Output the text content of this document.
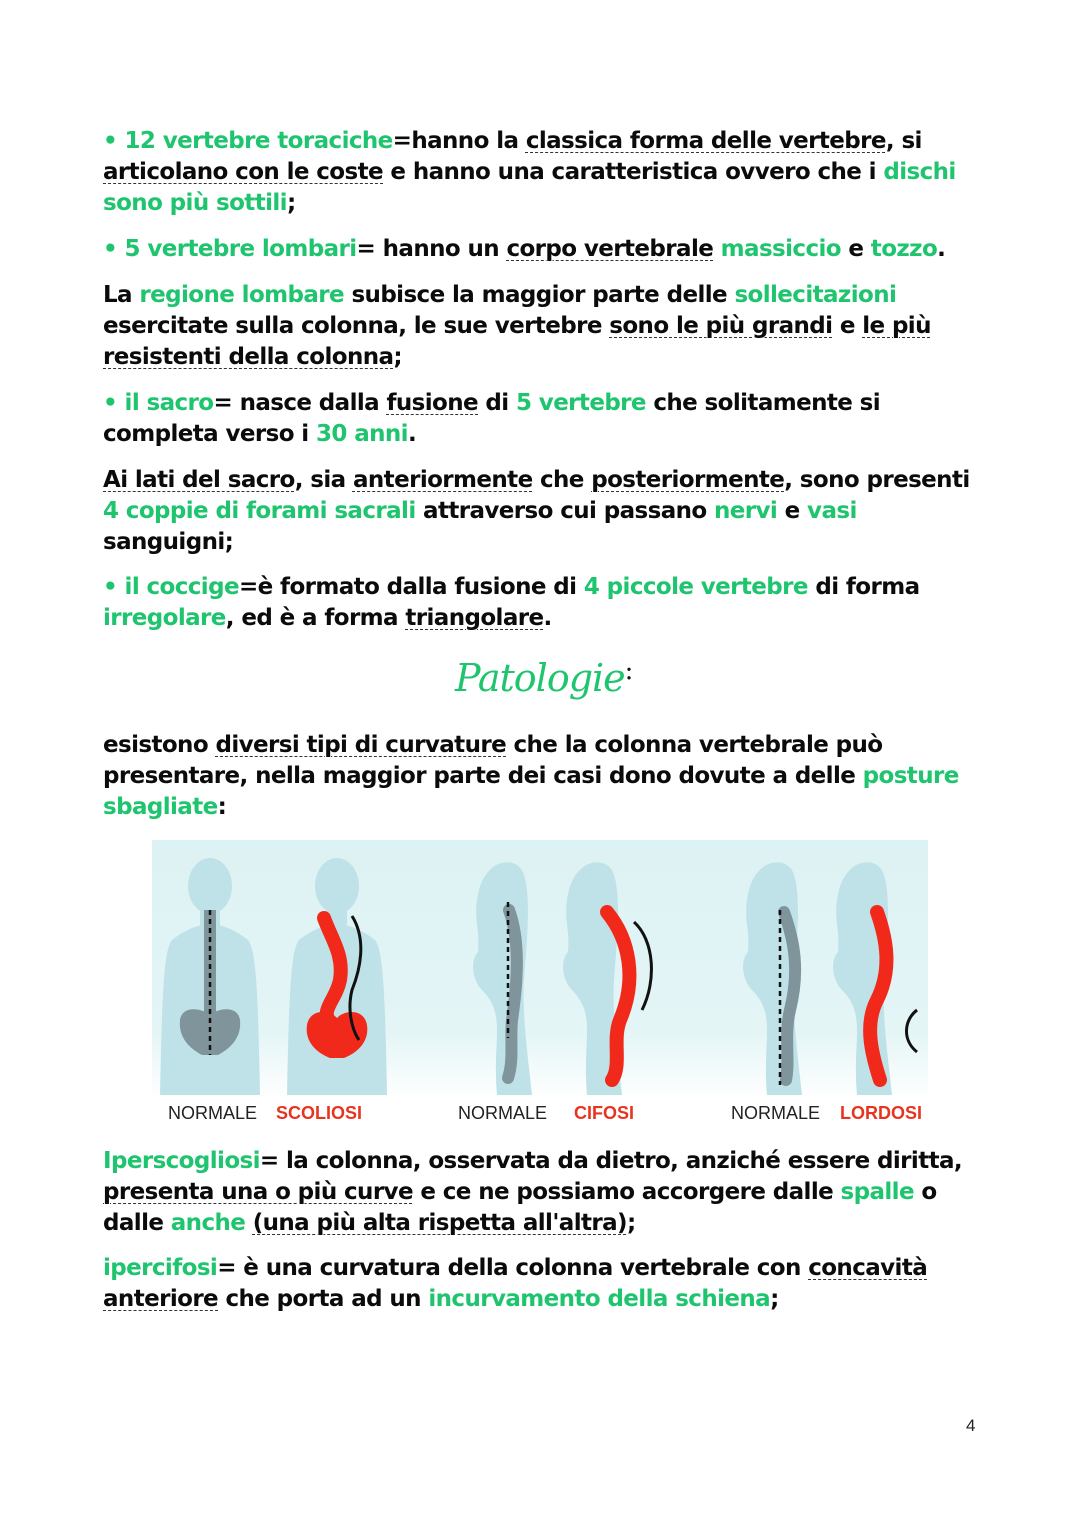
• 12 vertebre toraciche=hanno la classica forma delle vertebre, si articolano con le coste e hanno una caratteristica ovvero che i dischi sono più sottili;
• 5 vertebre lombari= hanno un corpo vertebrale massiccio e tozzo.
La regione lombare subisce la maggior parte delle sollecitazioni esercitate sulla colonna, le sue vertebre sono le più grandi e le più resistenti della colonna;
• il sacro= nasce dalla fusione di 5 vertebre che solitamente si completa verso i 30 anni.
Ai lati del sacro, sia anteriormente che posteriormente, sono presenti 4 coppie di forami sacrali attraverso cui passano nervi e vasi sanguigni;
• il coccige=è formato dalla fusione di 4 piccole vertebre di forma irregolare, ed è a forma triangolare.
Patologie:
esistono diversi tipi di curvature che la colonna vertebrale può presentare, nella maggior parte dei casi dono dovute a delle posture sbagliate:
NORMALE SCOLIOSI	NORMALE CIFOSI	NORMALE LORDOSI
Iperscogliosi= la colonna, osservata da dietro, anziché essere diritta, presenta una o più curve e ce ne possiamo accorgere dalle spalle o dalle anche (una più alta rispetta all'altra);
ipercifosi= è una curvatura della colonna vertebrale con concavità anteriore che porta ad un incurvamento della schiena;
4
